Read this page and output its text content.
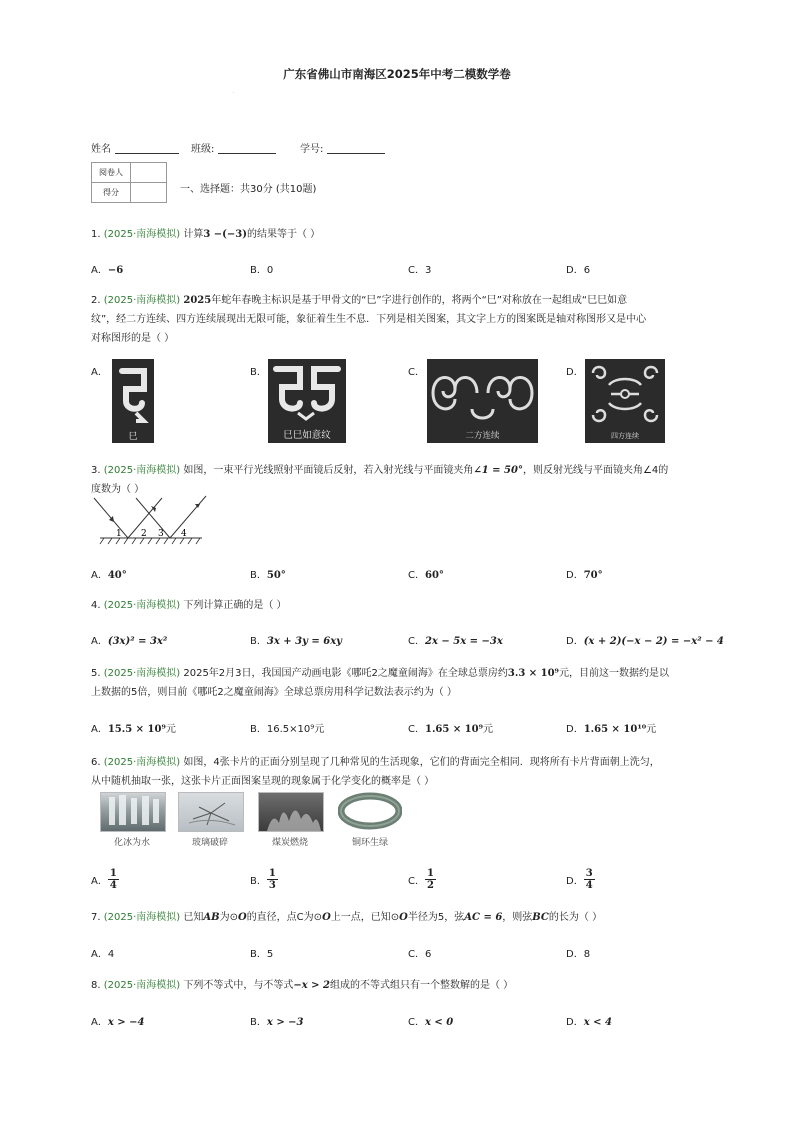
广东省佛山市南海区2025年中考二模数学卷
·
姓名	班级:	学号:
阅卷人	
得分		一、选择题：共30分 (共10题)
1. (2025·南海模拟) 计算3 −(−3)的结果等于（ ）
A．−6	B．0	C．3	D．6
2. (2025·南海模拟) 2025年蛇年春晚主标识是基于甲骨文的“巳”字进行创作的，将两个“巳”对称放在一起组成“巳巳如意
纹”，经二方连续、四方连续展现出无限可能，象征着生生不息．下列是相关图案，其文字上方的图案既是轴对称图形又是中心
对称图形的是（ ）
A．	B．	C．	D．
巳	巳巳如意纹	二方连续	四方连续
3. (2025·南海模拟) 如图，一束平行光线照射平面镜后反射，若入射光线与平面镜夹角∠1 = 50°，则反射光线与平面镜夹角∠4的
度数为（ ）
1 2 3 4
A．40°	B．50°	C．60°	D．70°
4. (2025·南海模拟) 下列计算正确的是（ ）
A．(3x)² = 3x²	B．3x + 3y = 6xy	C．2x − 5x = −3x	D．(x + 2)(−x − 2) = −x² − 4
5. (2025·南海模拟) 2025年2月3日，我国国产动画电影《哪吒2之魔童闹海》在全球总票房约3.3 × 10⁹元，目前这一数据约是以
上数据的5倍，则目前《哪吒2之魔童闹海》全球总票房用科学记数法表示约为（ ）
A．15.5 × 10⁹元	B．16.5×10⁹元	C．1.65 × 10⁹元	D．1.65 × 10¹⁰元
6. (2025·南海模拟) 如图，4张卡片的正面分别呈现了几种常见的生活现象，它们的背面完全相同．现将所有卡片背面朝上洗匀，
从中随机抽取一张，这张卡片正面图案呈现的现象属于化学变化的概率是（ ）
化冰为水	玻璃破碎	煤炭燃烧	铜环生绿
A． $\frac{1}{4}$	B． $\frac{1}{3}$	C． $\frac{1}{2}$	D． $\frac{3}{4}$
7. (2025·南海模拟) 已知AB为⊙O的直径，点C为⊙O上一点，已知⊙O半径为5，弦AC = 6，则弦BC的长为（ ）
A．4	B．5	C．6	D．8
8. (2025·南海模拟) 下列不等式中，与不等式−x > 2组成的不等式组只有一个整数解的是（ ）
A．x > −4	B．x > −3	C．x < 0	D．x < 4
